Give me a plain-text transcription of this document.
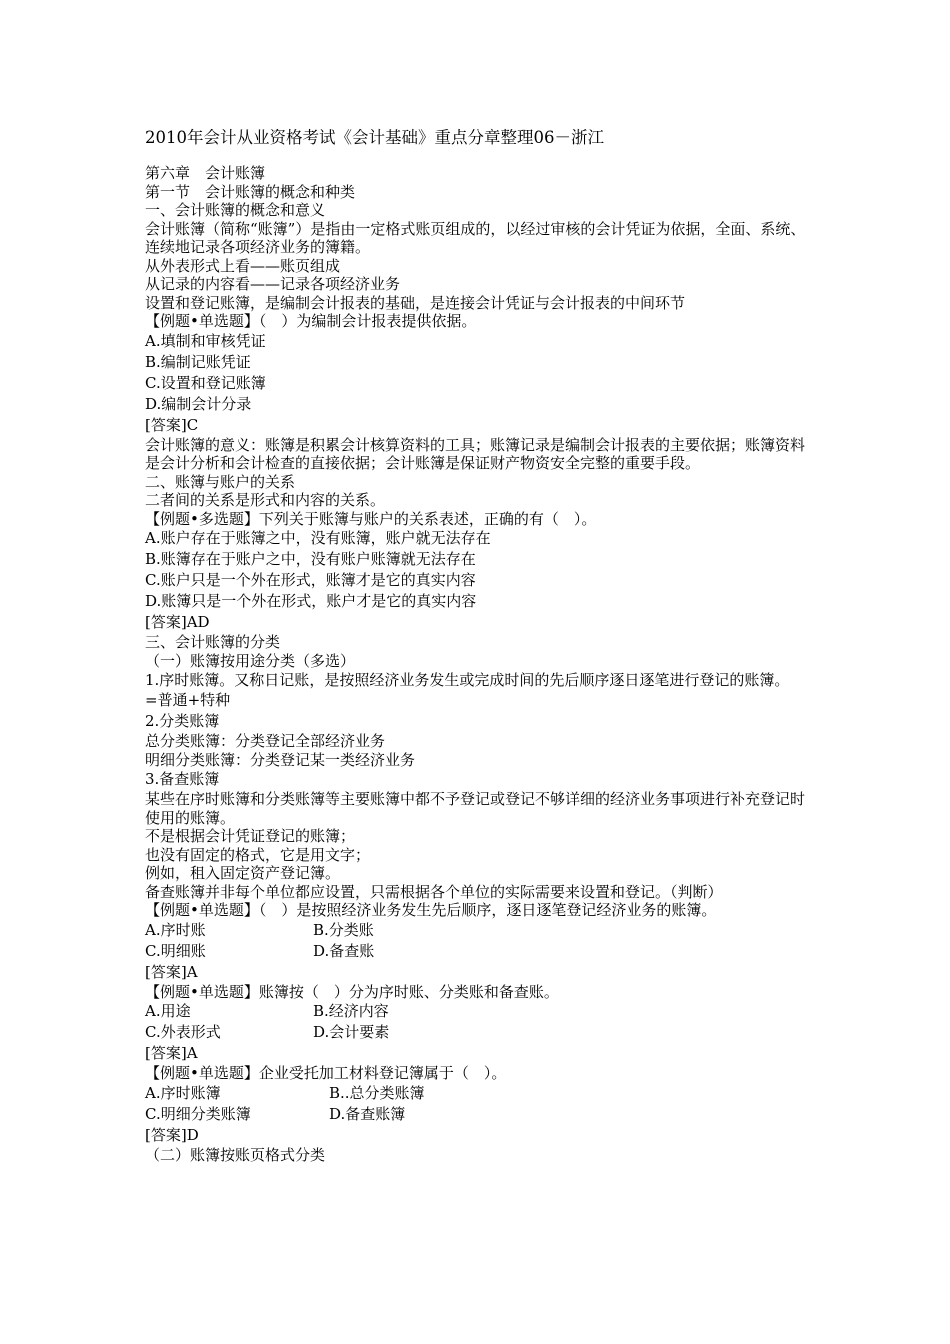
2010年会计从业资格考试《会计基础》重点分章整理06－浙江
第六章　会计账簿
第一节　会计账簿的概念和种类
一、会计账簿的概念和意义
会计账簿（简称“账簿”）是指由一定格式账页组成的，以经过审核的会计凭证为依据，全面、系统、连续地记录各项经济业务的簿籍。
从外表形式上看——账页组成
从记录的内容看——记录各项经济业务
设置和登记账簿，是编制会计报表的基础，是连接会计凭证与会计报表的中间环节
【例题•单选题】（　）为编制会计报表提供依据。
A.填制和审核凭证
B.编制记账凭证
C.设置和登记账簿
D.编制会计分录
[答案]C
会计账簿的意义：账簿是积累会计核算资料的工具；账簿记录是编制会计报表的主要依据；账簿资料是会计分析和会计检查的直接依据；会计账簿是保证财产物资安全完整的重要手段。
二、账簿与账户的关系
二者间的关系是形式和内容的关系。
【例题•多选题】下列关于账簿与账户的关系表述，正确的有（　）。
A.账户存在于账簿之中，没有账簿，账户就无法存在
B.账簿存在于账户之中，没有账户账簿就无法存在
C.账户只是一个外在形式，账簿才是它的真实内容
D.账簿只是一个外在形式，账户才是它的真实内容
[答案]AD
三、会计账簿的分类
（一）账簿按用途分类（多选）
1.序时账簿。又称日记账，是按照经济业务发生或完成时间的先后顺序逐日逐笔进行登记的账簿。
=普通+特种
2.分类账簿
总分类账簿：分类登记全部经济业务
明细分类账簿：分类登记某一类经济业务
3.备查账簿
某些在序时账簿和分类账簿等主要账簿中都不予登记或登记不够详细的经济业务事项进行补充登记时使用的账簿。
不是根据会计凭证登记的账簿；
也没有固定的格式，它是用文字；
例如，租入固定资产登记簿。
备查账簿并非每个单位都应设置，只需根据各个单位的实际需要来设置和登记。（判断）
【例题•单选题】（　）是按照经济业务发生先后顺序，逐日逐笔登记经济业务的账簿。
A.序时账	B.分类账
C.明细账	D.备查账
[答案]A
【例题•单选题】账簿按（　）分为序时账、分类账和备查账。
A.用途	B.经济内容
C.外表形式	D.会计要素
[答案]A
【例题•单选题】企业受托加工材料登记簿属于（　）。
A.序时账簿	B..总分类账簿
C.明细分类账簿	D.备查账簿
[答案]D
（二）账簿按账页格式分类
